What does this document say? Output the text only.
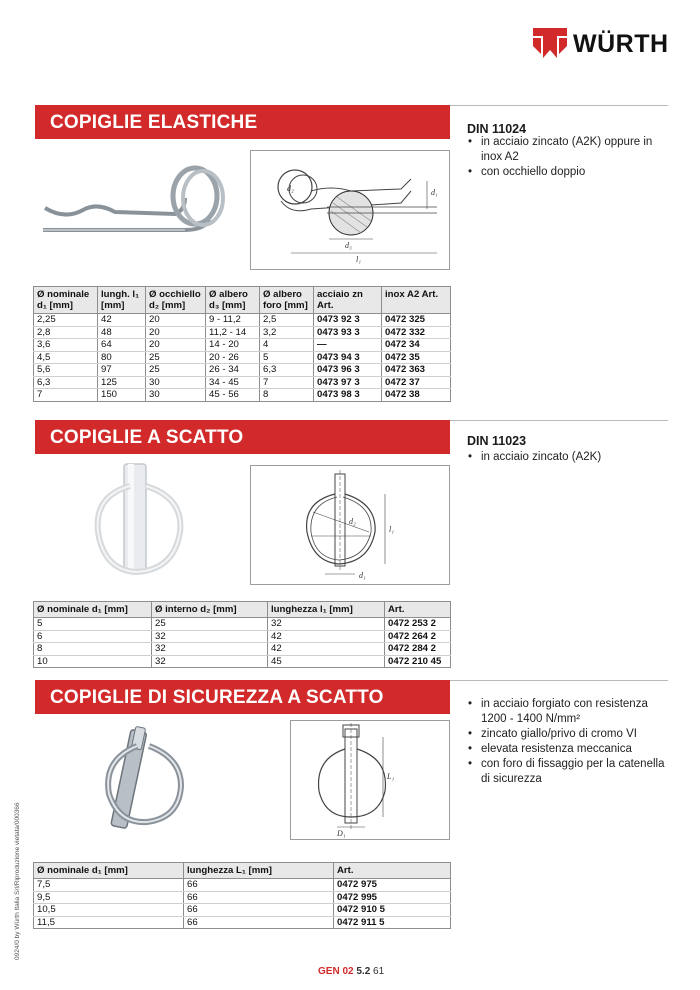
WÜRTH
COPIGLIE ELASTICHE	DIN 11024
• in acciaio zincato (A2K) oppure in inox A2
• con occhiello doppio
d₂	d₁
d₃
l₁
Ø nominale d₁ [mm]	lungh. l₁ [mm]	Ø occhiello d₂ [mm]	Ø albero d₃ [mm]	Ø albero foro [mm]	acciaio zn Art.	inox A2 Art.
2,25	42	20	9 - 11,2	2,5	0473 92 3	0472 325
2,8	48	20	11,2 - 14	3,2	0473 93 3	0472 332
3,6	64	20	14 - 20	4	—	0472 34
4,5	80	25	20 - 26	5	0473 94 3	0472 35
5,6	97	25	26 - 34	6,3	0473 96 3	0472 363
6,3	125	30	34 - 45	7	0473 97 3	0472 37
7	150	30	45 - 56	8	0473 98 3	0472 38
COPIGLIE A SCATTO	DIN 11023
• in acciaio zincato (A2K)
d₂
l₁
d₁
Ø nominale d₁ [mm]	Ø interno d₂ [mm]	lunghezza l₁ [mm]	Art.
5	25	32	0472 253 2
6	32	42	0472 264 2
8	32	42	0472 284 2
10	32	45	0472 210 45
COPIGLIE DI SICUREZZA A SCATTO	• in acciaio forgiato con resistenza 1200 - 1400 N/mm²
• zincato giallo/privo di cromo VI
• elevata resistenza meccanica
• con foro di fissaggio per la catenella di sicurezza
L₁
D₁
Ø nominale d₁ [mm]	lunghezza L₁ [mm]	Art.
7,5	66	0472 975
9,5	66	0472 995
10,5	66	0472 910 5
11,5	66	0472 911 5
0924/0 by Würth Italia Srl/Riproduzione vietata/000366
GEN 02 5.2 61
